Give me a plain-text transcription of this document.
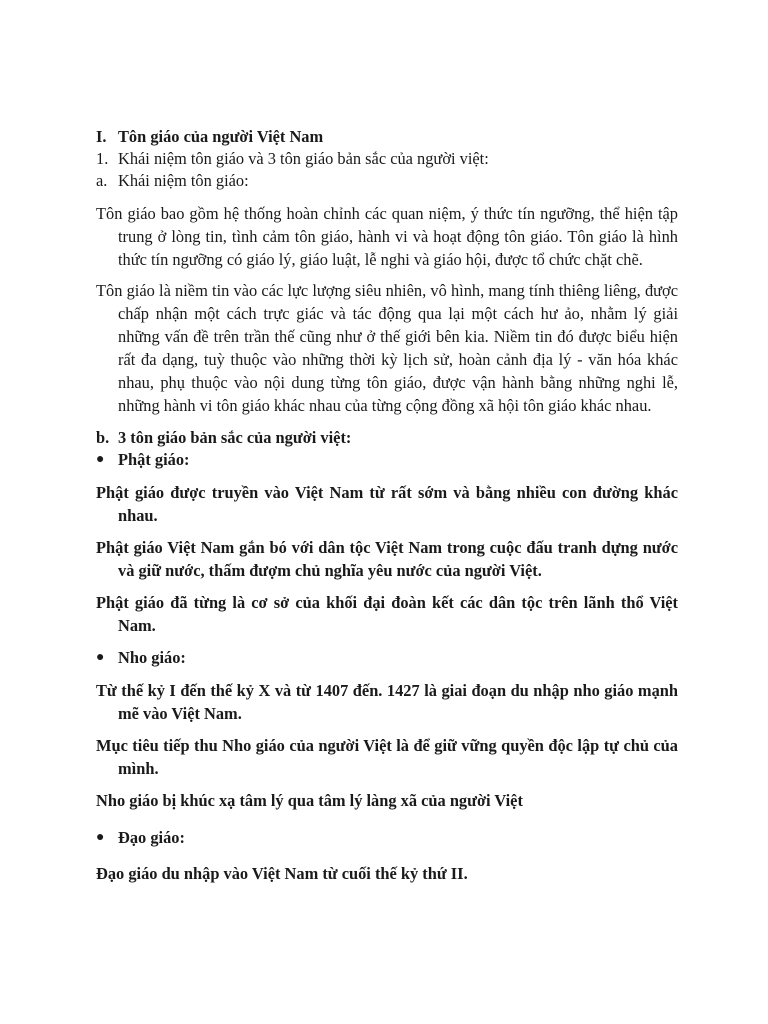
I. Tôn giáo của người Việt Nam
1. Khái niệm tôn giáo và 3 tôn giáo bản sắc của người việt:
a. Khái niệm tôn giáo:
Tôn giáo bao gồm hệ thống hoàn chỉnh các quan niệm, ý thức tín ngưỡng, thể hiện tập trung ở lòng tin, tình cảm tôn giáo, hành vi và hoạt động tôn giáo. Tôn giáo là hình thức tín ngưỡng có giáo lý, giáo luật, lễ nghi và giáo hội, được tổ chức chặt chẽ.
Tôn giáo là niềm tin vào các lực lượng siêu nhiên, vô hình, mang tính thiêng liêng, được chấp nhận một cách trực giác và tác động qua lại một cách hư ảo, nhằm lý giải những vấn đề trên trần thế cũng như ở thế giới bên kia. Niềm tin đó được biểu hiện rất đa dạng, tuỳ thuộc vào những thời kỳ lịch sử, hoàn cảnh địa lý - văn hóa khác nhau, phụ thuộc vào nội dung từng tôn giáo, được vận hành bằng những nghi lễ, những hành vi tôn giáo khác nhau của từng cộng đồng xã hội tôn giáo khác nhau.
b. 3 tôn giáo bản sắc của người việt:
● Phật giáo:
Phật giáo được truyền vào Việt Nam từ rất sớm và bằng nhiều con đường khác nhau.
Phật giáo Việt Nam gắn bó với dân tộc Việt Nam trong cuộc đấu tranh dựng nước và giữ nước, thấm đượm chủ nghĩa yêu nước của người Việt.
Phật giáo đã từng là cơ sở của khối đại đoàn kết các dân tộc trên lãnh thổ Việt Nam.
● Nho giáo:
Từ thế kỷ I đến thế kỷ X và từ 1407 đến. 1427 là giai đoạn du nhập nho giáo mạnh mẽ vào Việt Nam.
Mục tiêu tiếp thu Nho giáo của người Việt là để giữ vững quyền độc lập tự chủ của mình.
Nho giáo bị khúc xạ tâm lý qua tâm lý làng xã của người Việt
● Đạo giáo:
Đạo giáo du nhập vào Việt Nam từ cuối thế kỷ thứ II.
